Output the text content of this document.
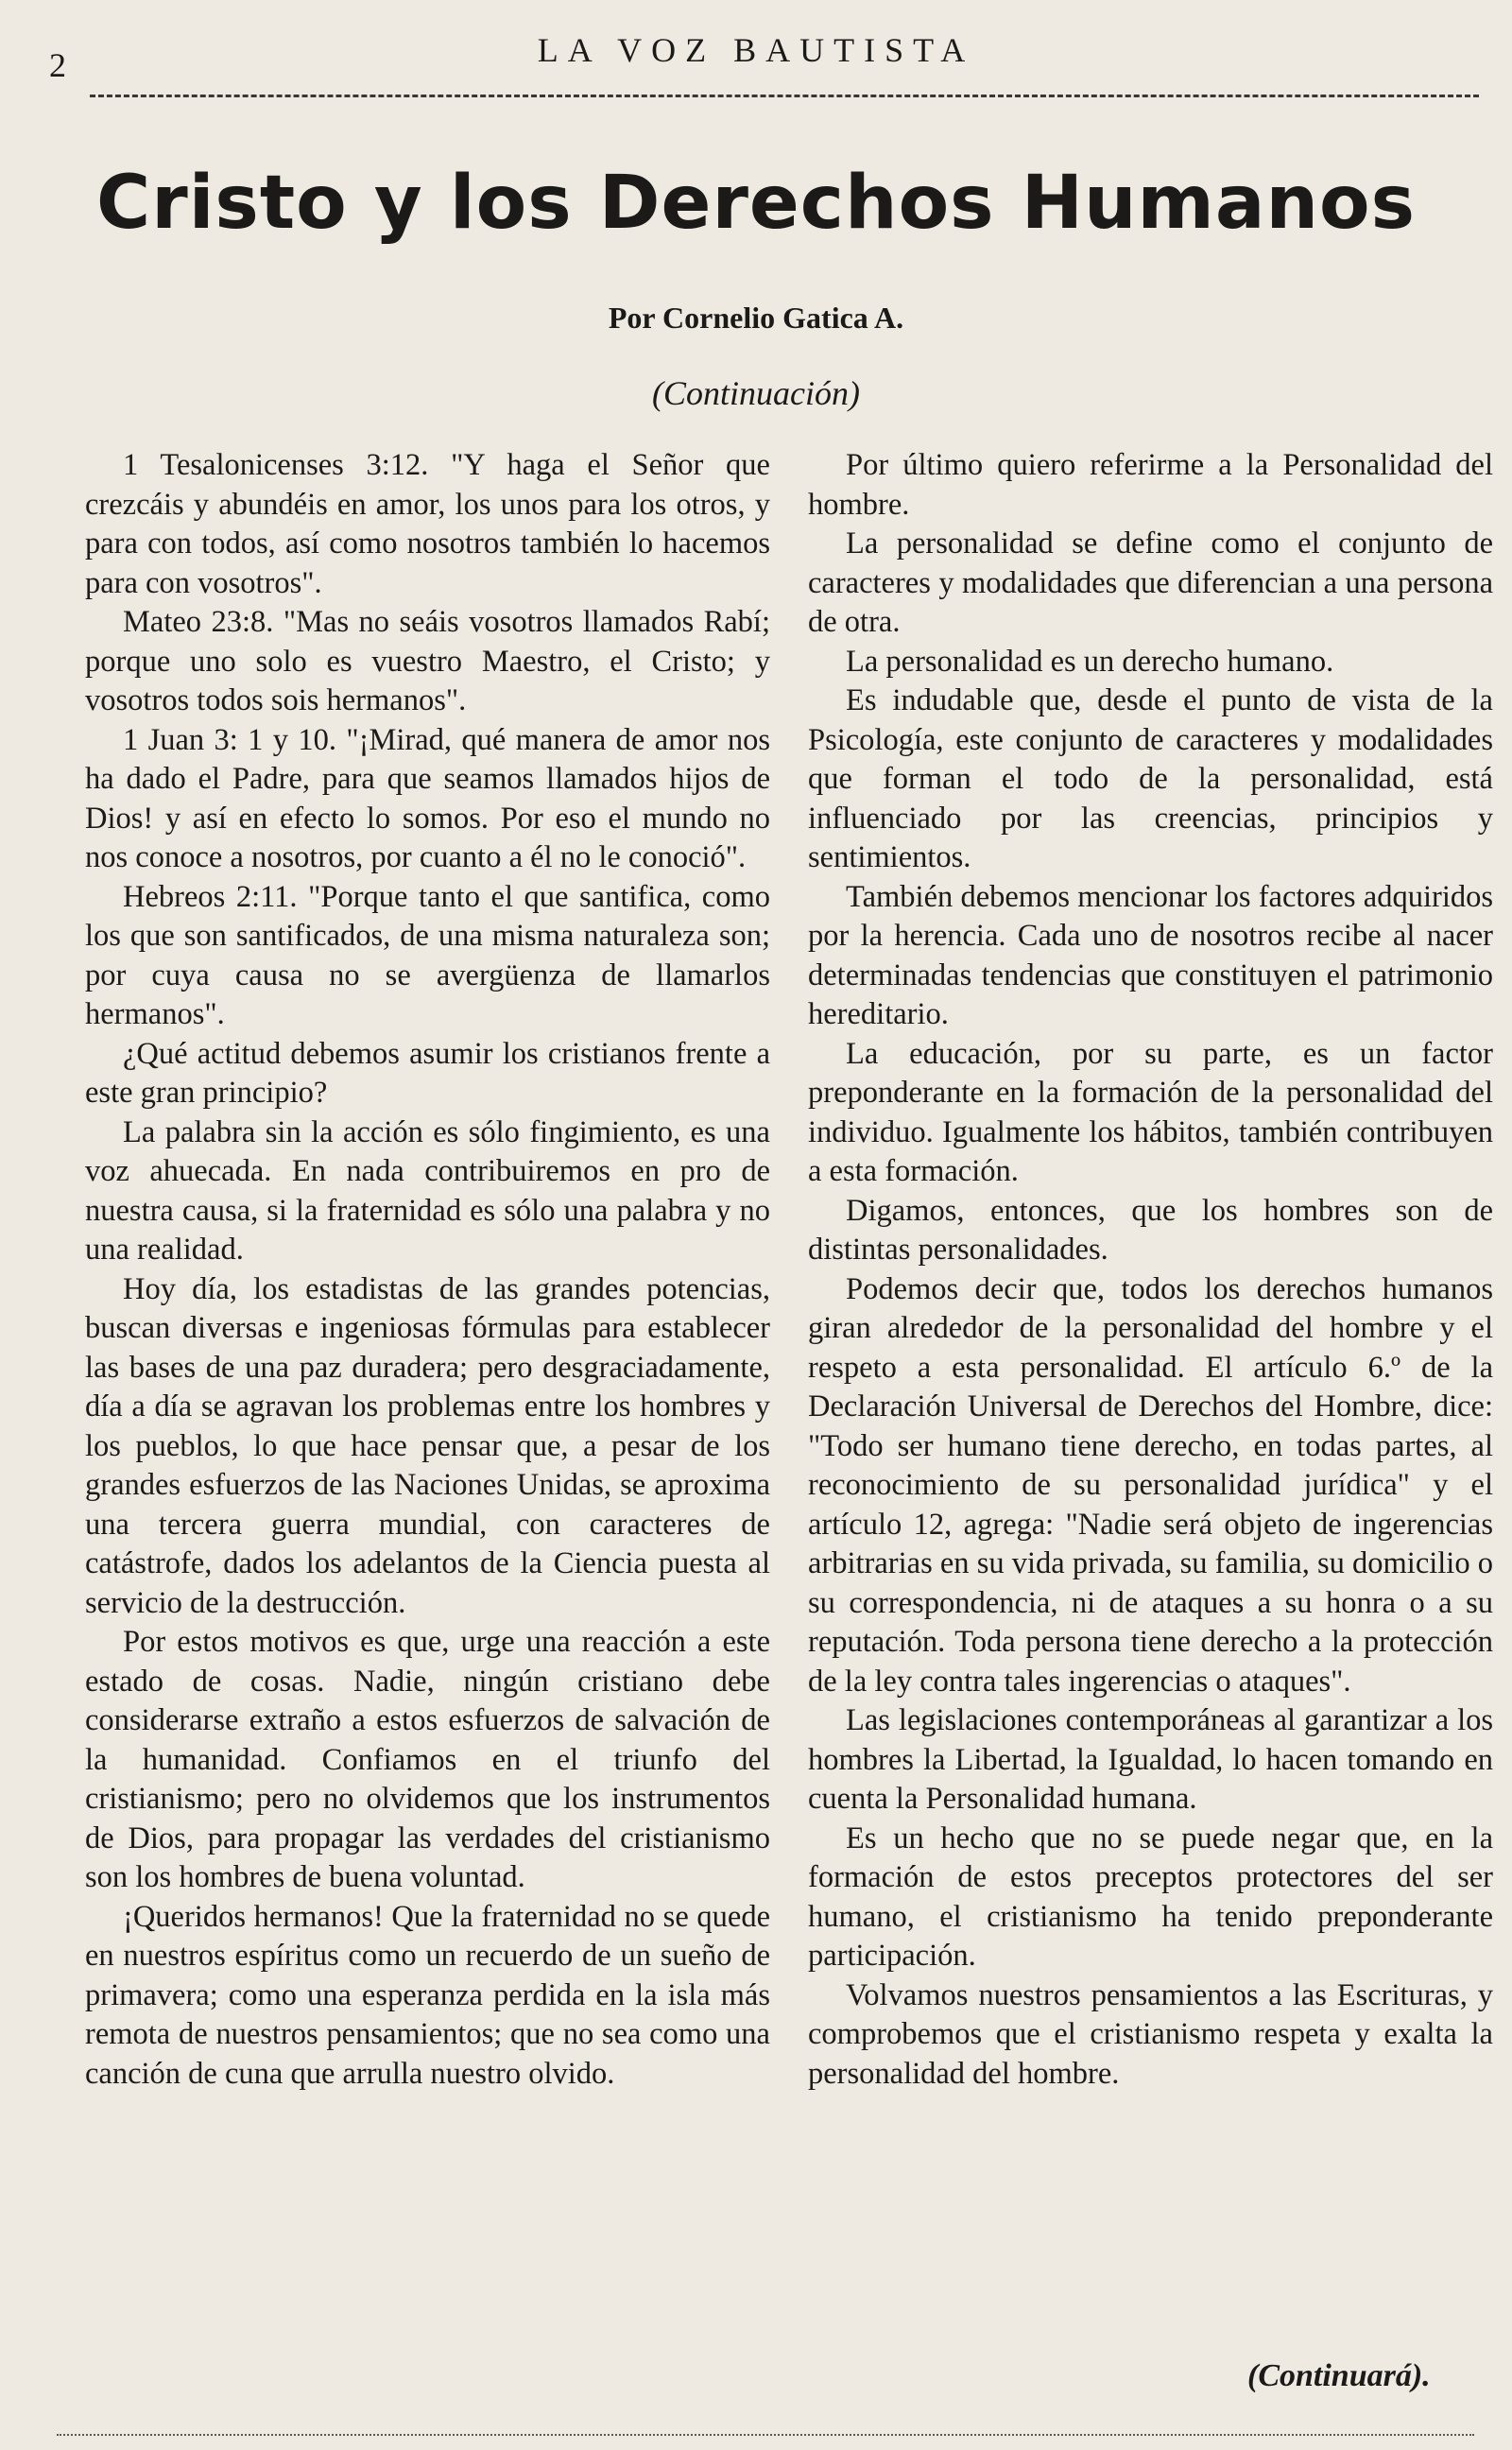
2	LA VOZ BAUTISTA
Cristo y los Derechos Humanos
Por Cornelio Gatica A.
(Continuación)

1 Tesalonicenses 3:12. "Y haga el Señor que crezcáis y abundéis en amor, los unos para los otros, y para con todos, así como nosotros también lo hacemos para con vosotros".

Mateo 23:8. "Mas no seáis vosotros llamados Rabí; porque uno solo es vuestro Maestro, el Cristo; y vosotros todos sois hermanos".

1 Juan 3: 1 y 10. "¡Mirad, qué manera de amor nos ha dado el Padre, para que seamos llamados hijos de Dios! y así en efecto lo somos. Por eso el mundo no nos conoce a nosotros, por cuanto a él no le conoció".

Hebreos 2:11. "Porque tanto el que santifica, como los que son santificados, de una misma naturaleza son; por cuya causa no se avergüenza de llamarlos hermanos".

¿Qué actitud debemos asumir los cristianos frente a este gran principio?

La palabra sin la acción es sólo fingimiento, es una voz ahuecada. En nada contribuiremos en pro de nuestra causa, si la fraternidad es sólo una palabra y no una realidad.

Hoy día, los estadistas de las grandes potencias, buscan diversas e ingeniosas fórmulas para establecer las bases de una paz duradera; pero desgraciadamente, día a día se agravan los problemas entre los hombres y los pueblos, lo que hace pensar que, a pesar de los grandes esfuerzos de las Naciones Unidas, se aproxima una tercera guerra mundial, con caracteres de catástrofe, dados los adelantos de la Ciencia puesta al servicio de la destrucción.

Por estos motivos es que, urge una reacción a este estado de cosas. Nadie, ningún cristiano debe considerarse extraño a estos esfuerzos de salvación de la humanidad. Confiamos en el triunfo del cristianismo; pero no olvidemos que los instrumentos de Dios, para propagar las verdades del cristianismo son los hombres de buena voluntad.

¡Queridos hermanos! Que la fraternidad no se quede en nuestros espíritus como un recuerdo de un sueño de primavera; como una esperanza perdida en la isla más remota de nuestros pensamientos; que no sea como una canción de cuna que arrulla nuestro olvido.

Por último quiero referirme a la Personalidad del hombre.

La personalidad se define como el conjunto de caracteres y modalidades que diferencian a una persona de otra.

La personalidad es un derecho humano.

Es indudable que, desde el punto de vista de la Psicología, este conjunto de caracteres y modalidades que forman el todo de la personalidad, está influenciado por las creencias, principios y sentimientos.

También debemos mencionar los factores adquiridos por la herencia. Cada uno de nosotros recibe al nacer determinadas tendencias que constituyen el patrimonio hereditario.

La educación, por su parte, es un factor preponderante en la formación de la personalidad del individuo. Igualmente los hábitos, también contribuyen a esta formación.

Digamos, entonces, que los hombres son de distintas personalidades.

Podemos decir que, todos los derechos humanos giran alrededor de la personalidad del hombre y el respeto a esta personalidad. El artículo 6.º de la Declaración Universal de Derechos del Hombre, dice: "Todo ser humano tiene derecho, en todas partes, al reconocimiento de su personalidad jurídica" y el artículo 12, agrega: "Nadie será objeto de ingerencias arbitrarias en su vida privada, su familia, su domicilio o su correspondencia, ni de ataques a su honra o a su reputación. Toda persona tiene derecho a la protección de la ley contra tales ingerencias o ataques".

Las legislaciones contemporáneas al garantizar a los hombres la Libertad, la Igualdad, lo hacen tomando en cuenta la Personalidad humana.

Es un hecho que no se puede negar que, en la formación de estos preceptos protectores del ser humano, el cristianismo ha tenido preponderante participación.

Volvamos nuestros pensamientos a las Escrituras, y comprobemos que el cristianismo respeta y exalta la personalidad del hombre.

(Continuará).
